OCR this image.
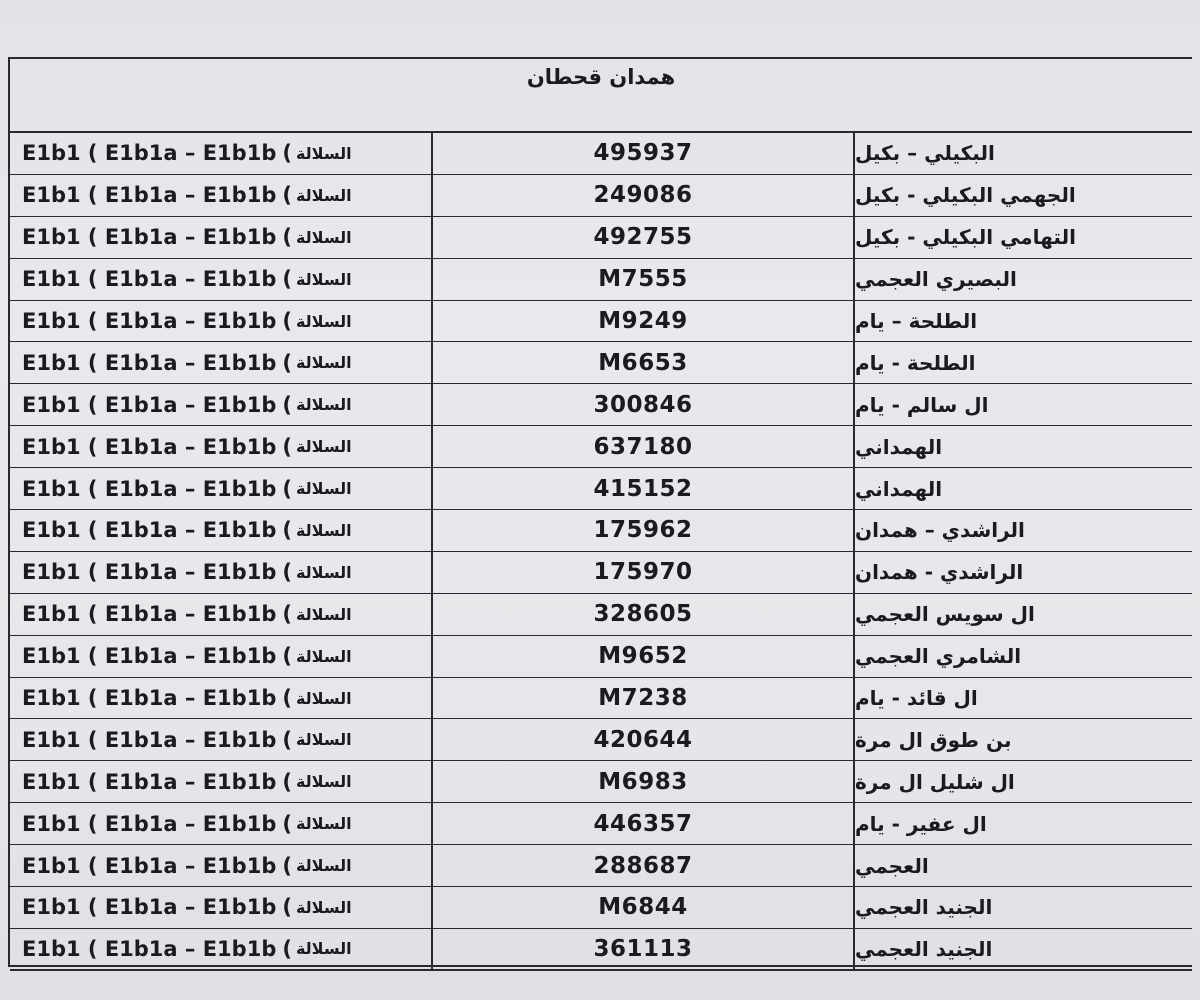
همدان قحطان
E1b1 ( E1b1a – E1b1b ( السلالة	495937	البكيلي – بكيل
E1b1 ( E1b1a – E1b1b ( السلالة	249086	الجهمي البكيلي - بكيل
E1b1 ( E1b1a – E1b1b ( السلالة	492755	التهامي البكيلي - بكيل
E1b1 ( E1b1a – E1b1b ( السلالة	M7555	البصيري العجمي
E1b1 ( E1b1a – E1b1b ( السلالة	M9249	الطلحة – يام
E1b1 ( E1b1a – E1b1b ( السلالة	M6653	الطلحة - يام
E1b1 ( E1b1a – E1b1b ( السلالة	300846	ال سالم - يام
E1b1 ( E1b1a – E1b1b ( السلالة	637180	الهمداني
E1b1 ( E1b1a – E1b1b ( السلالة	415152	الهمداني
E1b1 ( E1b1a – E1b1b ( السلالة	175962	الراشدي – همدان
E1b1 ( E1b1a – E1b1b ( السلالة	175970	الراشدي - همدان
E1b1 ( E1b1a – E1b1b ( السلالة	328605	ال سويس العجمي
E1b1 ( E1b1a – E1b1b ( السلالة	M9652	الشامري العجمي
E1b1 ( E1b1a – E1b1b ( السلالة	M7238	ال قائد - يام
E1b1 ( E1b1a – E1b1b ( السلالة	420644	بن طوق ال مرة
E1b1 ( E1b1a – E1b1b ( السلالة	M6983	ال شليل ال مرة
E1b1 ( E1b1a – E1b1b ( السلالة	446357	ال عفير - يام
E1b1 ( E1b1a – E1b1b ( السلالة	288687	العجمي
E1b1 ( E1b1a – E1b1b ( السلالة	M6844	الجنيد العجمي
E1b1 ( E1b1a – E1b1b ( السلالة	361113	الجنيد العجمي
